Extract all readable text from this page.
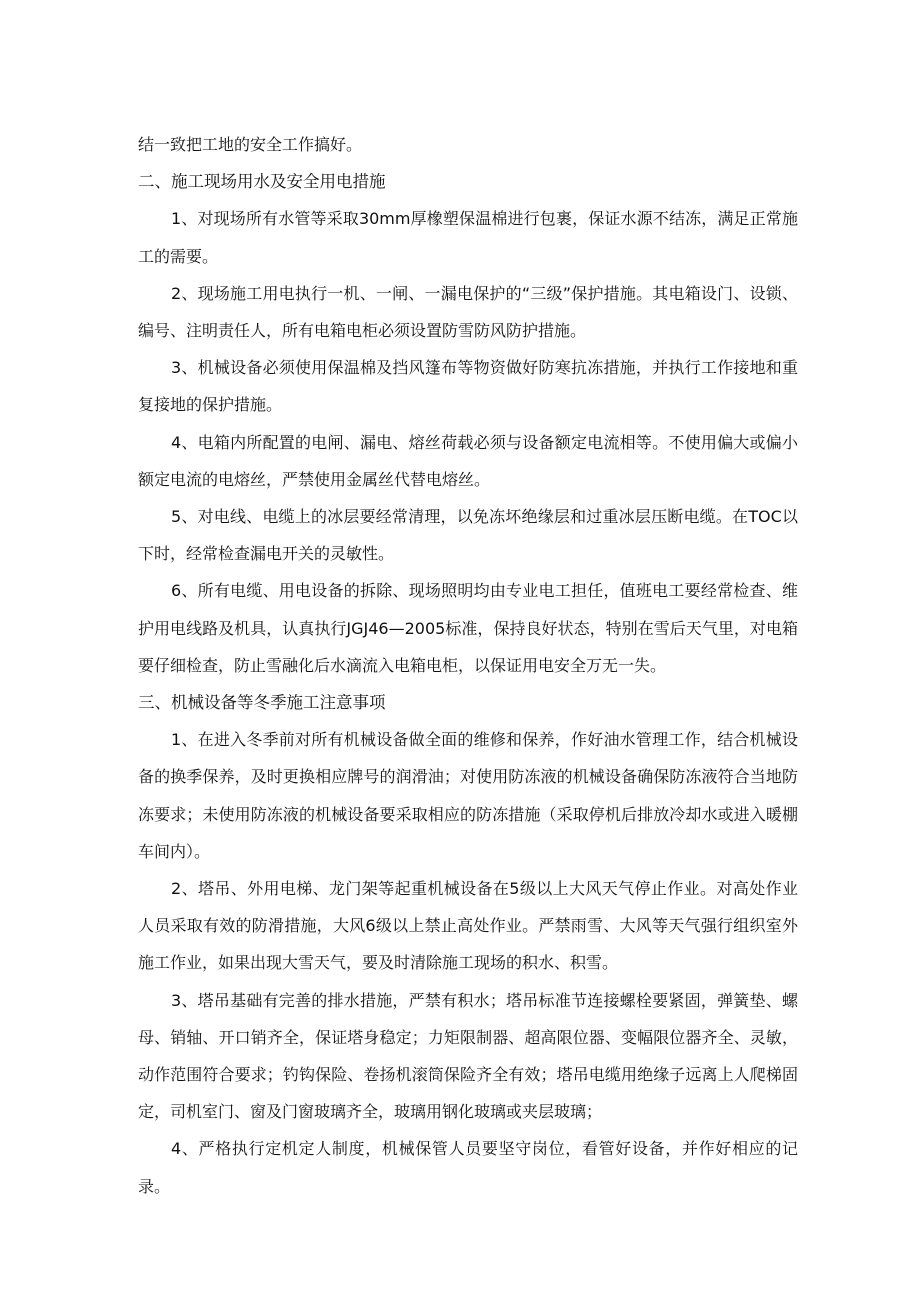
结一致把工地的安全工作搞好。

二、施工现场用水及安全用电措施

1、对现场所有水管等采取30mm厚橡塑保温棉进行包裹，保证水源不结冻，满足正常施工的需要。

2、现场施工用电执行一机、一闸、一漏电保护的“三级”保护措施。其电箱设门、设锁、编号、注明责任人，所有电箱电柜必须设置防雪防风防护措施。

3、机械设备必须使用保温棉及挡风篷布等物资做好防寒抗冻措施，并执行工作接地和重复接地的保护措施。

4、电箱内所配置的电闸、漏电、熔丝荷载必须与设备额定电流相等。不使用偏大或偏小额定电流的电熔丝，严禁使用金属丝代替电熔丝。

5、对电线、电缆上的冰层要经常清理，以免冻坏绝缘层和过重冰层压断电缆。在TOC以下时，经常检查漏电开关的灵敏性。

6、所有电缆、用电设备的拆除、现场照明均由专业电工担任，值班电工要经常检查、维护用电线路及机具，认真执行JGJ46—2005标准，保持良好状态，特别在雪后天气里，对电箱要仔细检查，防止雪融化后水滴流入电箱电柜，以保证用电安全万无一失。

三、机械设备等冬季施工注意事项

1、在进入冬季前对所有机械设备做全面的维修和保养，作好油水管理工作，结合机械设备的换季保养，及时更换相应牌号的润滑油；对使用防冻液的机械设备确保防冻液符合当地防冻要求；未使用防冻液的机械设备要采取相应的防冻措施（采取停机后排放冷却水或进入暖棚车间内）。

2、塔吊、外用电梯、龙门架等起重机械设备在5级以上大风天气停止作业。对高处作业人员采取有效的防滑措施，大风6级以上禁止高处作业。严禁雨雪、大风等天气强行组织室外施工作业，如果出现大雪天气，要及时清除施工现场的积水、积雪。

3、塔吊基础有完善的排水措施，严禁有积水；塔吊标准节连接螺栓要紧固，弹簧垫、螺母、销轴、开口销齐全，保证塔身稳定；力矩限制器、超高限位器、变幅限位器齐全、灵敏，动作范围符合要求；钓钩保险、卷扬机滚筒保险齐全有效；塔吊电缆用绝缘子远离上人爬梯固定，司机室门、窗及门窗玻璃齐全，玻璃用钢化玻璃或夹层玻璃；

4、严格执行定机定人制度，机械保管人员要坚守岗位，看管好设备，并作好相应的记录。
